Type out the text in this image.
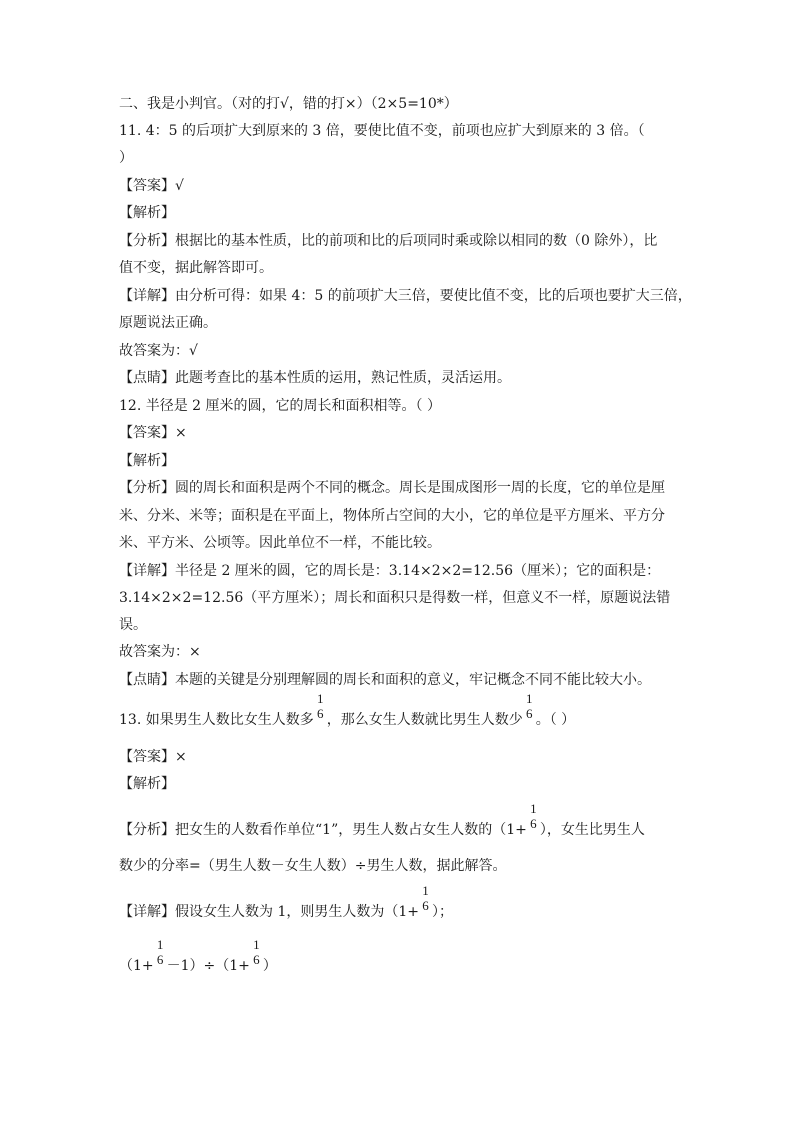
二、我是小判官。（对的打√，错的打×）（2×5=10*）
11. 4：5 的后项扩大到原来的 3 倍，要使比值不变，前项也应扩大到原来的 3 倍。（
）
【答案】√
【解析】
【分析】根据比的基本性质，比的前项和比的后项同时乘或除以相同的数（0 除外），比
值不变，据此解答即可。
【详解】由分析可得：如果 4：5 的前项扩大三倍，要使比值不变，比的后项也要扩大三倍，
原题说法正确。
故答案为：√
【点睛】此题考查比的基本性质的运用，熟记性质，灵活运用。
12. 半径是 2 厘米的圆，它的周长和面积相等。（ ）
【答案】×
【解析】
【分析】圆的周长和面积是两个不同的概念。周长是围成图形一周的长度，它的单位是厘
米、分米、米等；面积是在平面上，物体所占空间的大小，它的单位是平方厘米、平方分
米、平方米、公顷等。因此单位不一样，不能比较。
【详解】半径是 2 厘米的圆，它的周长是：3.14×2×2=12.56（厘米）；它的面积是：
3.14×2×2=12.56（平方厘米）；周长和面积只是得数一样，但意义不一样，原题说法错
误。
故答案为：×
【点睛】本题的关键是分别理解圆的周长和面积的意义，牢记概念不同不能比较大小。
13. 如果男生人数比女生人数多
1
6 ，那么女生人数就比男生人数少
1
6 。（ ）
【答案】×
【解析】
【分析】把女生的人数看作单位“1”，男生人数占女生人数的（1+
1
6 ），女生比男生人
数少的分率=（男生人数－女生人数）÷男生人数，据此解答。
【详解】假设女生人数为 1，则男生人数为（1+
1
6 ）；
（1+
1
6 －1）÷（1+
1
6 ）
